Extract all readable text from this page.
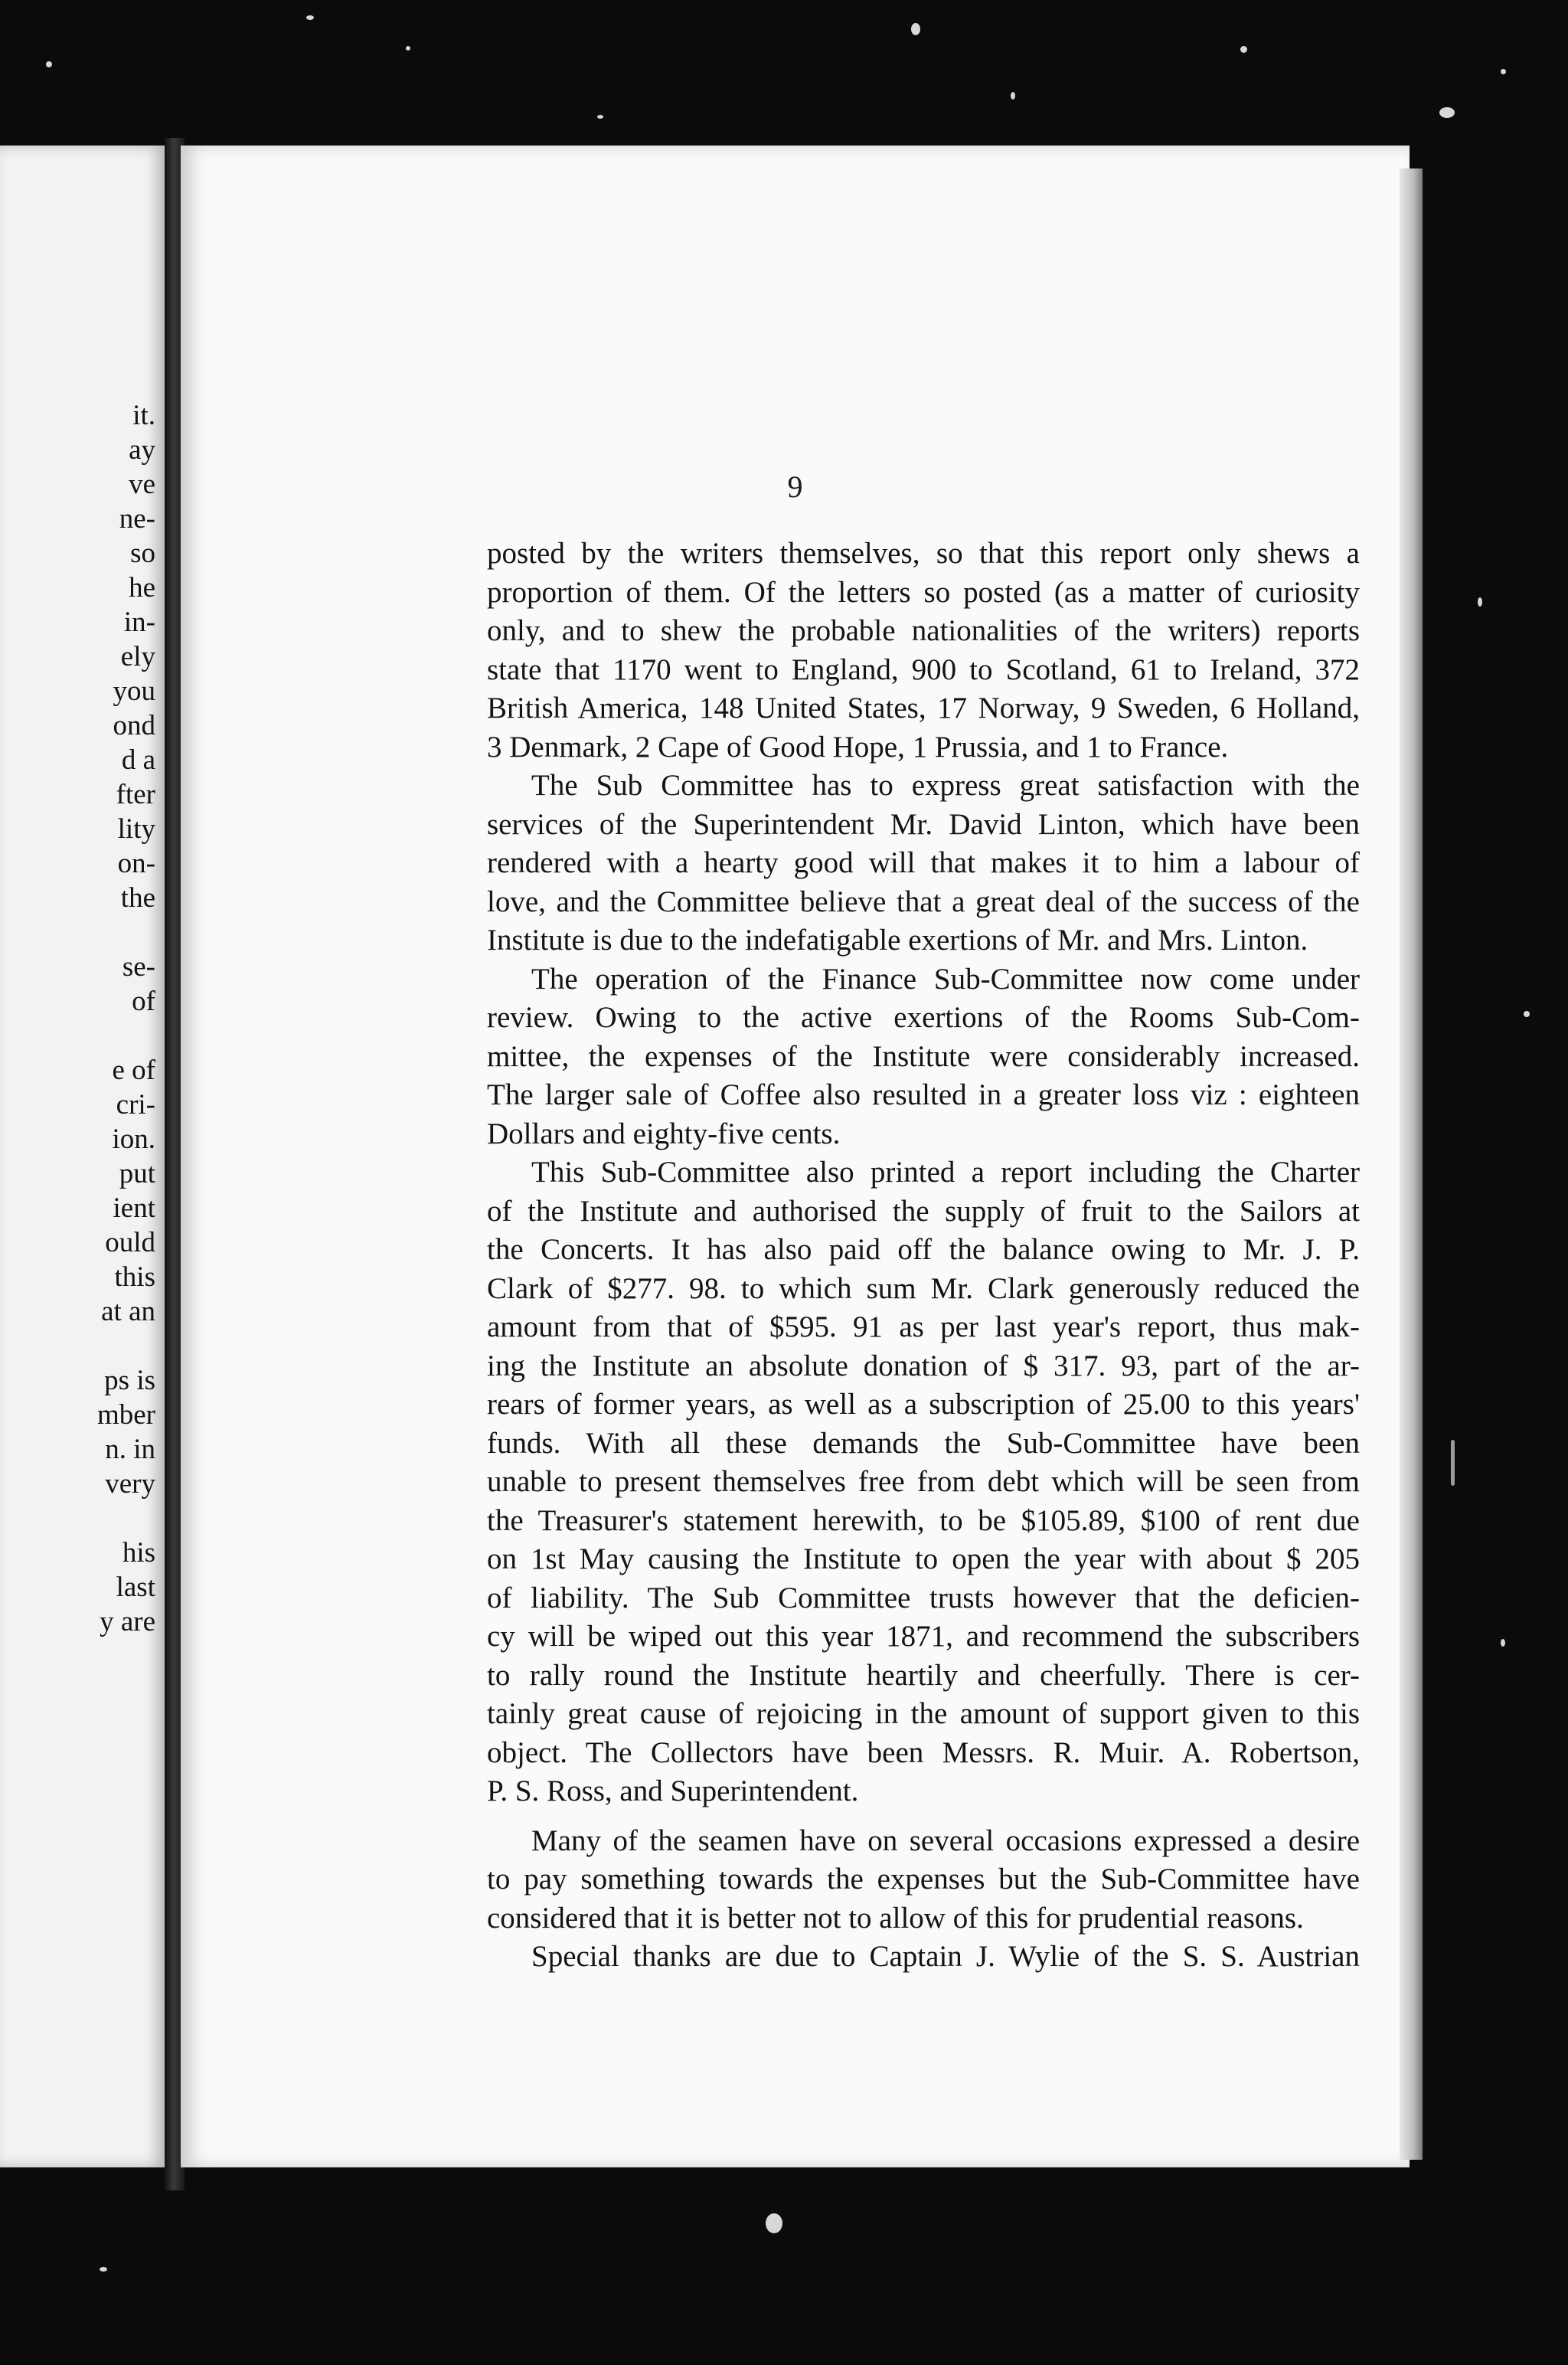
it.
ay
ve
ne-
so
he
in-
ely
you
ond
d a
fter
lity
on-
the
se-
of
e of
cri-
ion.
put
ient
ould
this
at an
ps is
mber
n. in
very
his
last
y are
9
posted by the writers themselves, so that this report only shews a
proportion of them. Of the letters so posted (as a matter of curiosity
only, and to shew the probable nationalities of the writers) reports
state that 1170 went to England, 900 to Scotland, 61 to Ireland, 372
British America, 148 United States, 17 Norway, 9 Sweden, 6 Holland,
3 Denmark, 2 Cape of Good Hope, 1 Prussia, and 1 to France.
The Sub Committee has to express great satisfaction with the
services of the Superintendent Mr. David Linton, which have been
rendered with a hearty good will that makes it to him a labour of
love, and the Committee believe that a great deal of the success of the
Institute is due to the indefatigable exertions of Mr. and Mrs. Linton.
The operation of the Finance Sub-Committee now come under
review. Owing to the active exertions of the Rooms Sub-Com-
mittee, the expenses of the Institute were considerably increased.
The larger sale of Coffee also resulted in a greater loss viz : eighteen
Dollars and eighty-five cents.
This Sub-Committee also printed a report including the Charter
of the Institute and authorised the supply of fruit to the Sailors at
the Concerts. It has also paid off the balance owing to Mr. J. P.
Clark of $277. 98. to which sum Mr. Clark generously reduced the
amount from that of $595. 91 as per last year's report, thus mak-
ing the Institute an absolute donation of $ 317. 93, part of the ar-
rears of former years, as well as a subscription of 25.00 to this years'
funds. With all these demands the Sub-Committee have been
unable to present themselves free from debt which will be seen from
the Treasurer's statement herewith, to be $105.89, $100 of rent due
on 1st May causing the Institute to open the year with about $ 205
of liability. The Sub Committee trusts however that the deficien-
cy will be wiped out this year 1871, and recommend the subscribers
to rally round the Institute heartily and cheerfully. There is cer-
tainly great cause of rejoicing in the amount of support given to this
object. The Collectors have been Messrs. R. Muir. A. Robertson,
P. S. Ross, and Superintendent.
Many of the seamen have on several occasions expressed a desire
to pay something towards the expenses but the Sub-Committee have
considered that it is better not to allow of this for prudential reasons.
Special thanks are due to Captain J. Wylie of the S. S. Austrian
